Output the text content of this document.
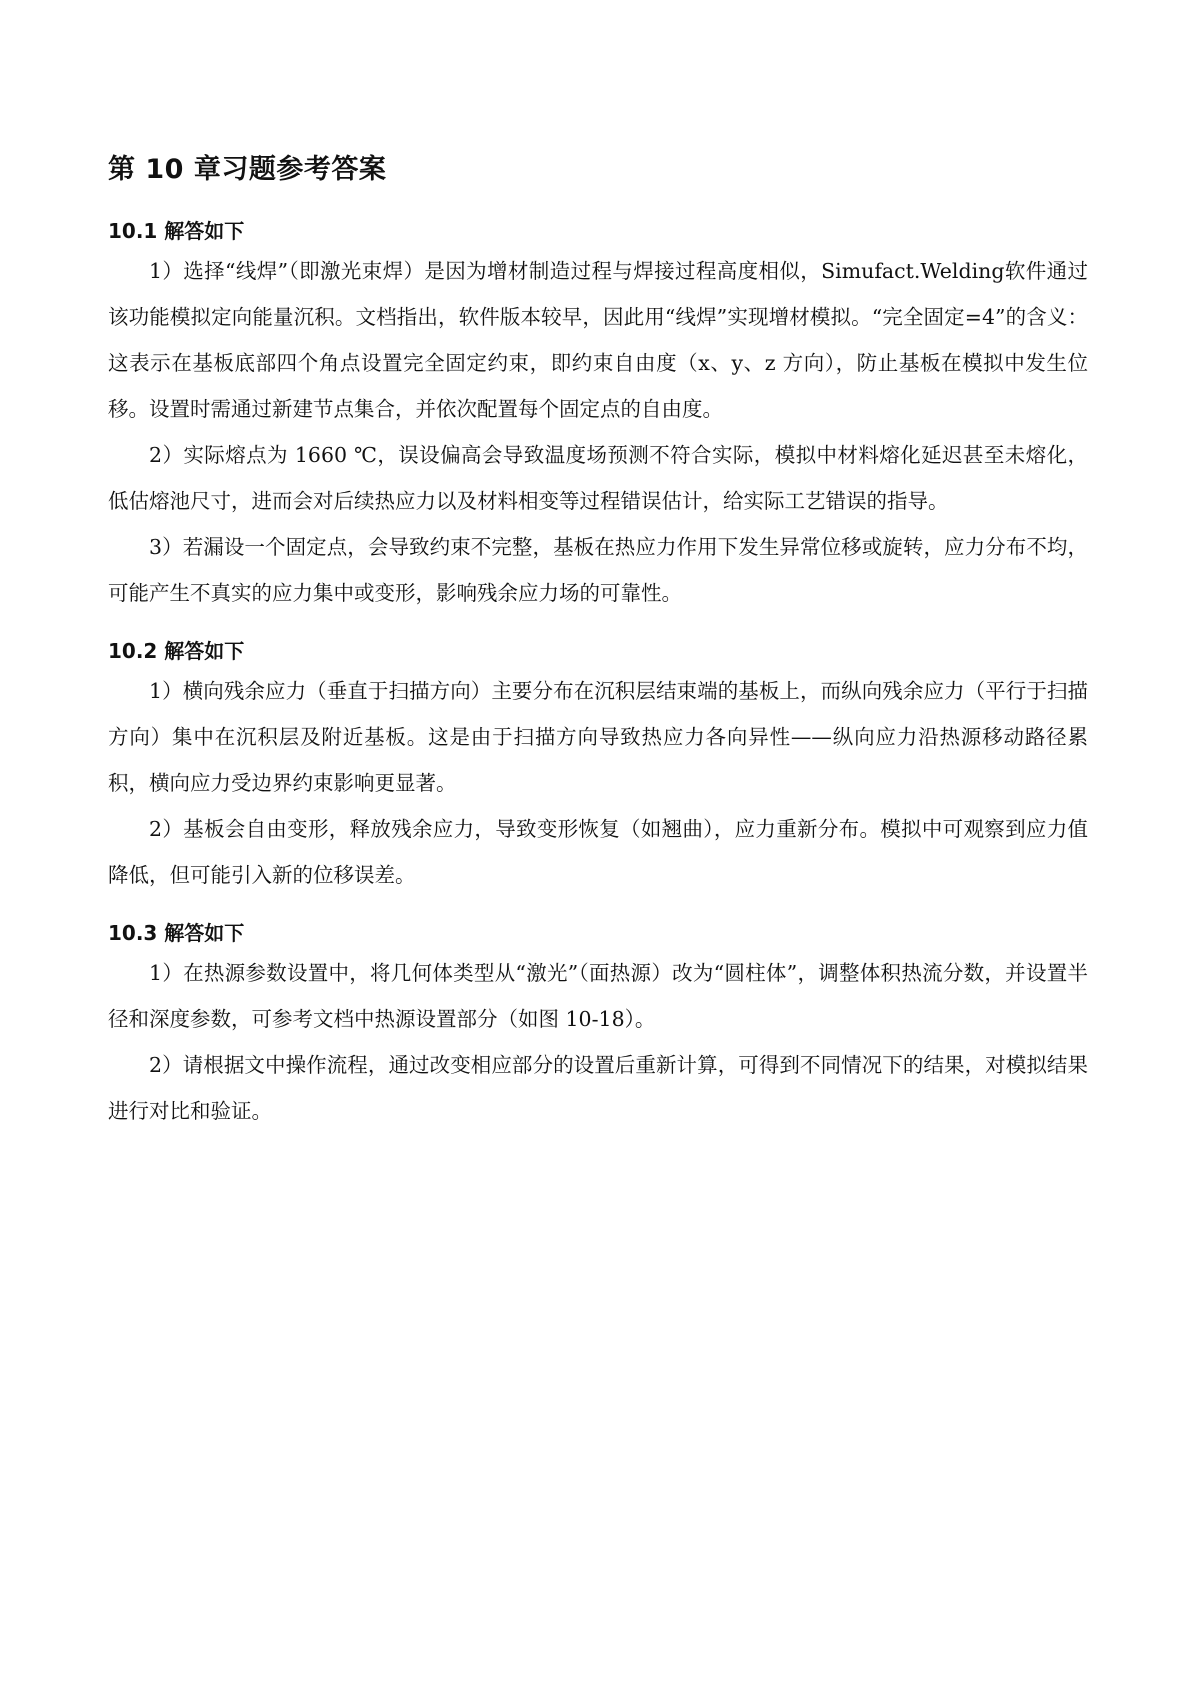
第 10 章习题参考答案
10.1 解答如下

1）选择“线焊”（即激光束焊）是因为增材制造过程与焊接过程高度相似，Simufact.Welding软件通过该功能模拟定向能量沉积。文档指出，软件版本较早，因此用“线焊”实现增材模拟。“完全固定=4”的含义：这表示在基板底部四个角点设置完全固定约束，即约束自由度（x、y、z 方向），防止基板在模拟中发生位移。设置时需通过新建节点集合，并依次配置每个固定点的自由度。

2）实际熔点为 1660 ℃，误设偏高会导致温度场预测不符合实际，模拟中材料熔化延迟甚至未熔化，低估熔池尺寸，进而会对后续热应力以及材料相变等过程错误估计，给实际工艺错误的指导。

3）若漏设一个固定点，会导致约束不完整，基板在热应力作用下发生异常位移或旋转，应力分布不均，可能产生不真实的应力集中或变形，影响残余应力场的可靠性。

10.2 解答如下

1）横向残余应力（垂直于扫描方向）主要分布在沉积层结束端的基板上，而纵向残余应力（平行于扫描方向）集中在沉积层及附近基板。这是由于扫描方向导致热应力各向异性——纵向应力沿热源移动路径累积，横向应力受边界约束影响更显著。

2）基板会自由变形，释放残余应力，导致变形恢复（如翘曲），应力重新分布。模拟中可观察到应力值降低，但可能引入新的位移误差。

10.3 解答如下

1）在热源参数设置中，将几何体类型从“激光”（面热源）改为“圆柱体”，调整体积热流分数，并设置半径和深度参数，可参考文档中热源设置部分（如图 10-18）。

2）请根据文中操作流程，通过改变相应部分的设置后重新计算，可得到不同情况下的结果，对模拟结果进行对比和验证。
